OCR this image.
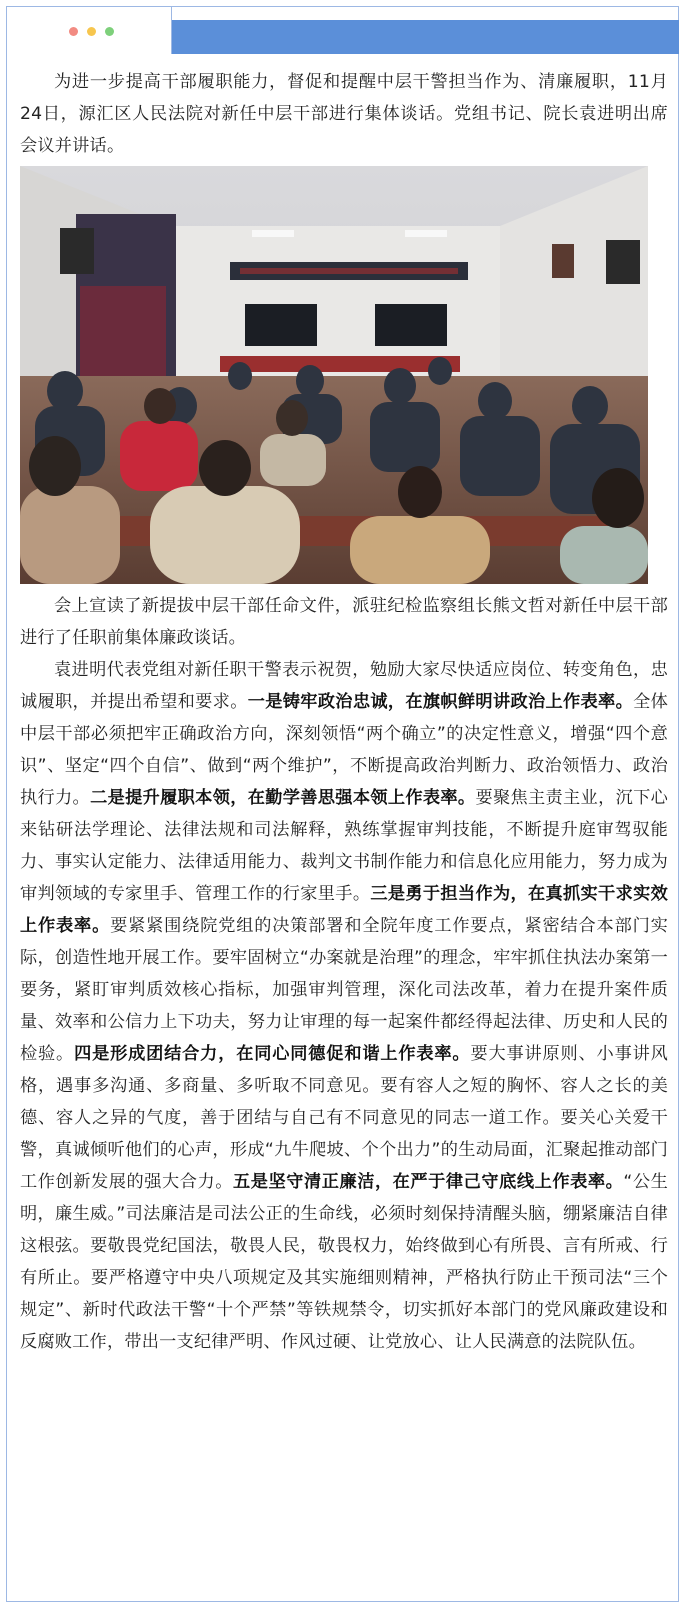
为进一步提高干部履职能力，督促和提醒中层干警担当作为、清廉履职，11月24日，源汇区人民法院对新任中层干部进行集体谈话。党组书记、院长袁进明出席会议并讲话。

会上宣读了新提拔中层干部任命文件，派驻纪检监察组长熊文哲对新任中层干部进行了任职前集体廉政谈话。

袁进明代表党组对新任职干警表示祝贺，勉励大家尽快适应岗位、转变角色，忠诚履职，并提出希望和要求。一是铸牢政治忠诚，在旗帜鲜明讲政治上作表率。全体中层干部必须把牢正确政治方向，深刻领悟“两个确立”的决定性意义，增强“四个意识”、坚定“四个自信”、做到“两个维护”，不断提高政治判断力、政治领悟力、政治执行力。二是提升履职本领，在勤学善思强本领上作表率。要聚焦主责主业，沉下心来钻研法学理论、法律法规和司法解释，熟练掌握审判技能，不断提升庭审驾驭能力、事实认定能力、法律适用能力、裁判文书制作能力和信息化应用能力，努力成为审判领域的专家里手、管理工作的行家里手。三是勇于担当作为，在真抓实干求实效上作表率。要紧紧围绕院党组的决策部署和全院年度工作要点，紧密结合本部门实际，创造性地开展工作。要牢固树立“办案就是治理”的理念，牢牢抓住执法办案第一要务，紧盯审判质效核心指标，加强审判管理，深化司法改革，着力在提升案件质量、效率和公信力上下功夫，努力让审理的每一起案件都经得起法律、历史和人民的检验。四是形成团结合力，在同心同德促和谐上作表率。要大事讲原则、小事讲风格，遇事多沟通、多商量、多听取不同意见。要有容人之短的胸怀、容人之长的美德、容人之异的气度，善于团结与自己有不同意见的同志一道工作。要关心关爱干警，真诚倾听他们的心声，形成“九牛爬坡、个个出力”的生动局面，汇聚起推动部门工作创新发展的强大合力。五是坚守清正廉洁，在严于律己守底线上作表率。“公生明，廉生威。”司法廉洁是司法公正的生命线，必须时刻保持清醒头脑，绷紧廉洁自律这根弦。要敬畏党纪国法，敬畏人民，敬畏权力，始终做到心有所畏、言有所戒、行有所止。要严格遵守中央八项规定及其实施细则精神，严格执行防止干预司法“三个规定”、新时代政法干警“十个严禁”等铁规禁令，切实抓好本部门的党风廉政建设和反腐败工作，带出一支纪律严明、作风过硬、让党放心、让人民满意的法院队伍。
